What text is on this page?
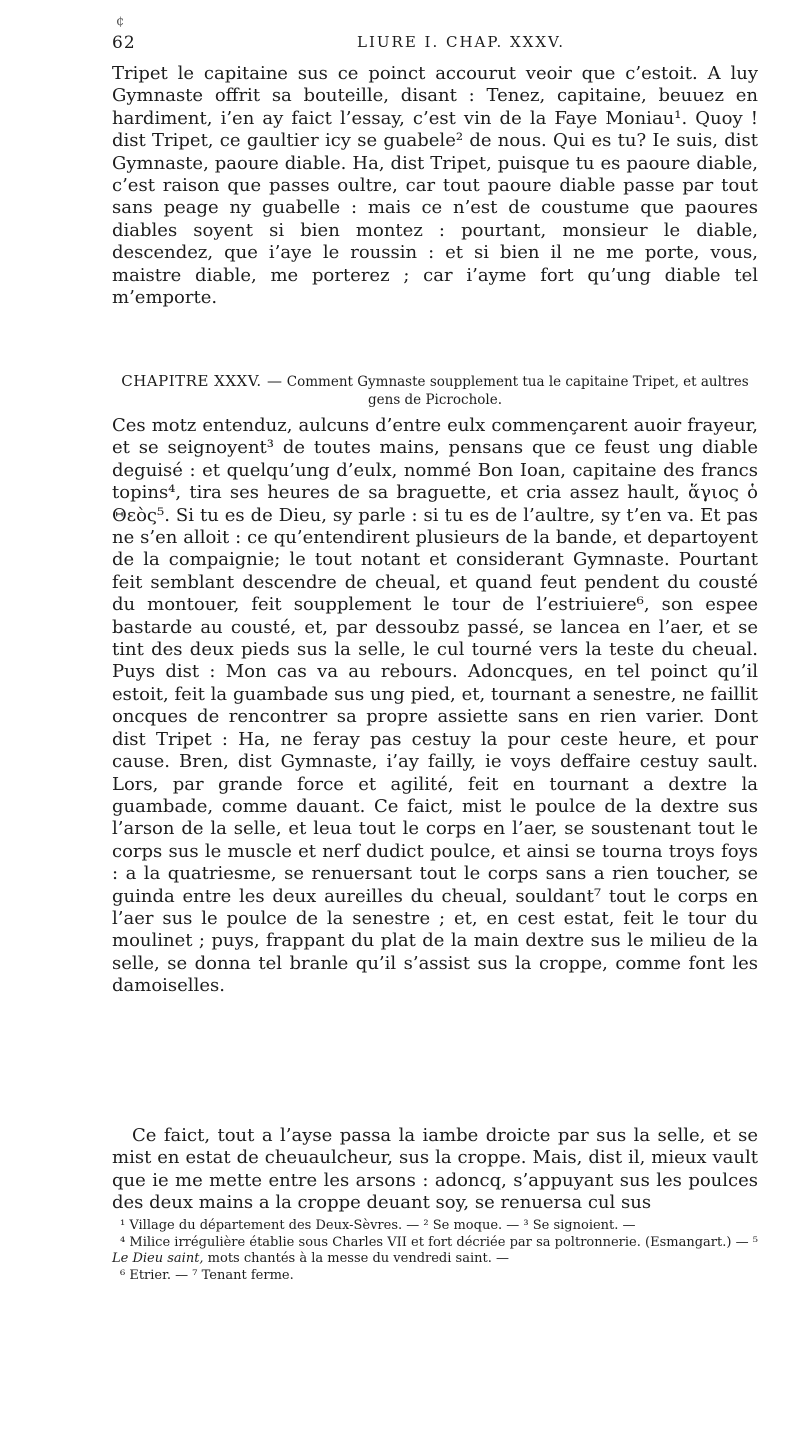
¢
62	LIURE I. CHAP. XXXV.

Tripet le capitaine sus ce poinct accourut veoir que c’estoit. A luy Gymnaste offrit sa bouteille, disant : Tenez, capitaine, beuuez en hardiment, i’en ay faict l’essay, c’est vin de la Faye Moniau¹. Quoy ! dist Tripet, ce gaultier icy se guabele² de nous. Qui es tu? Ie suis, dist Gymnaste, paoure diable. Ha, dist Tripet, puisque tu es paoure diable, c’est raison que passes oultre, car tout paoure diable passe par tout sans peage ny guabelle : mais ce n’est de coustume que paoures diables soyent si bien montez : pourtant, monsieur le diable, descendez, que i’aye le roussin : et si bien il ne me porte, vous, maistre diable, me porterez ; car i’ayme fort qu’ung diable tel m’emporte.

CHAPITRE XXXV. — Comment Gymnaste soupplement tua le capitaine Tripet, et aultres gens de Picrochole.

Ces motz entenduz, aulcuns d’entre eulx commençarent auoir frayeur, et se seignoyent³ de toutes mains, pensans que ce feust ung diable deguisé : et quelqu’ung d’eulx, nommé Bon Ioan, capitaine des francs topins⁴, tira ses heures de sa braguette, et cria assez hault, ἅγιος ὁ Θεὸς⁵. Si tu es de Dieu, sy parle : si tu es de l’aultre, sy t’en va. Et pas ne s’en alloit : ce qu’entendirent plusieurs de la bande, et departoyent de la compaignie; le tout notant et considerant Gymnaste. Pourtant feit semblant descendre de cheual, et quand feut pendent du cousté du montouer, feit soupplement le tour de l’estriuiere⁶, son espee bastarde au cousté, et, par dessoubz passé, se lancea en l’aer, et se tint des deux pieds sus la selle, le cul tourné vers la teste du cheual. Puys dist : Mon cas va au rebours. Adoncques, en tel poinct qu’il estoit, feit la guambade sus ung pied, et, tournant a senestre, ne faillit oncques de rencontrer sa propre assiette sans en rien varier. Dont dist Tripet : Ha, ne feray pas cestuy la pour ceste heure, et pour cause. Bren, dist Gymnaste, i’ay failly, ie voys deffaire cestuy sault. Lors, par grande force et agilité, feit en tournant a dextre la guambade, comme dauant. Ce faict, mist le poulce de la dextre sus l’arson de la selle, et leua tout le corps en l’aer, se soustenant tout le corps sus le muscle et nerf dudict poulce, et ainsi se tourna troys foys : a la quatriesme, se renuersant tout le corps sans a rien toucher, se guinda entre les deux aureilles du cheual, souldant⁷ tout le corps en l’aer sus le poulce de la senestre ; et, en cest estat, feit le tour du moulinet ; puys, frappant du plat de la main dextre sus le milieu de la selle, se donna tel branle qu’il s’assist sus la croppe, comme font les damoiselles.

Ce faict, tout a l’ayse passa la iambe droicte par sus la selle, et se mist en estat de cheuaulcheur, sus la croppe. Mais, dist il, mieux vault que ie me mette entre les arsons : adoncq, s’appuyant sus les poulces des deux mains a la croppe deuant soy, se renuersa cul sus

¹ Village du département des Deux-Sèvres. — ² Se moque. — ³ Se signoient. —
⁴ Milice irrégulière établie sous Charles VII et fort décriée par sa poltronnerie. (Esmangart.) — ⁵ Le Dieu saint, mots chantés à la messe du vendredi saint. —
⁶ Etrier. — ⁷ Tenant ferme.
